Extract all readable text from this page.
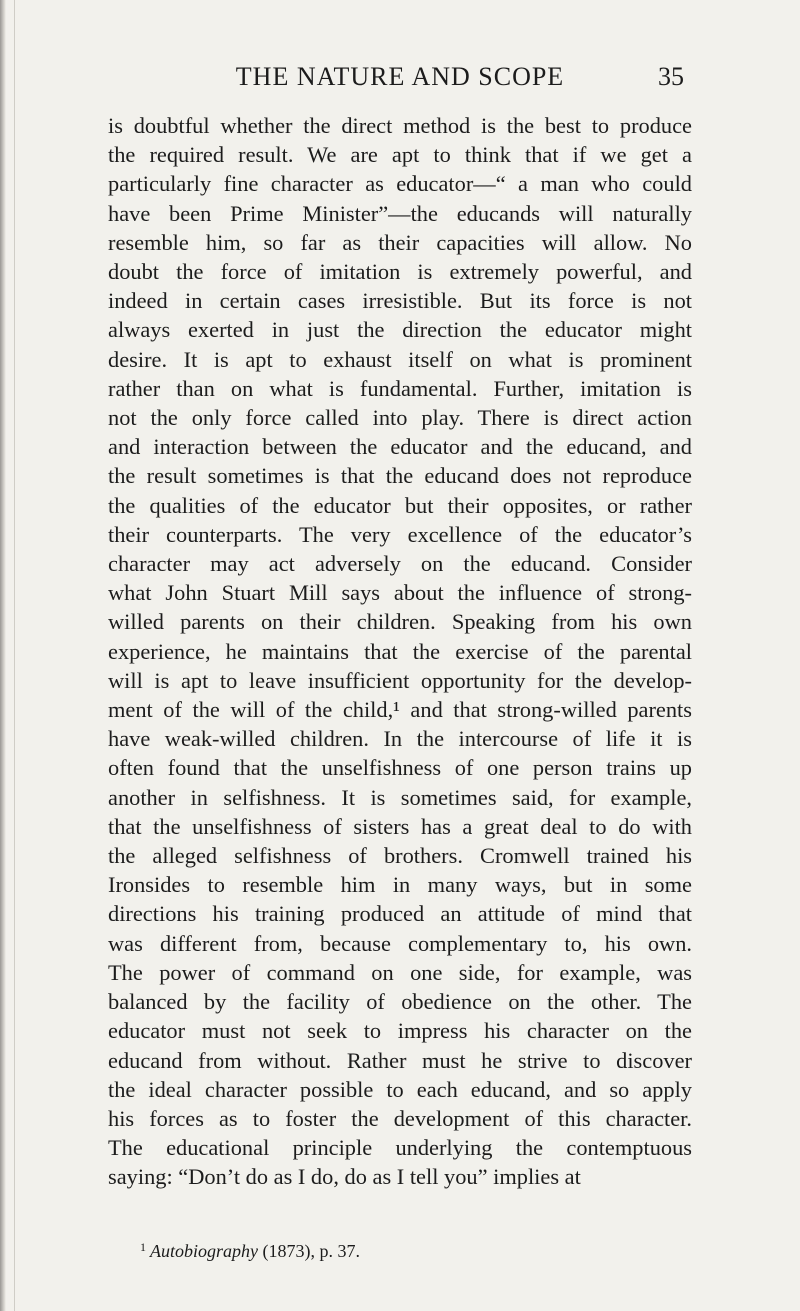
THE NATURE AND SCOPE	35
is doubtful whether the direct method is the best to produce
the required result. We are apt to think that if we get a
particularly fine character as educator—“ a man who could
have been Prime Minister”—the educands will naturally
resemble him, so far as their capacities will allow. No
doubt the force of imitation is extremely powerful, and
indeed in certain cases irresistible. But its force is not
always exerted in just the direction the educator might
desire. It is apt to exhaust itself on what is prominent
rather than on what is fundamental. Further, imitation is
not the only force called into play. There is direct action
and interaction between the educator and the educand, and
the result sometimes is that the educand does not reproduce
the qualities of the educator but their opposites, or rather
their counterparts. The very excellence of the educator’s
character may act adversely on the educand. Consider
what John Stuart Mill says about the influence of strong-
willed parents on their children. Speaking from his own
experience, he maintains that the exercise of the parental
will is apt to leave insufficient opportunity for the develop-
ment of the will of the child,¹ and that strong-willed parents
have weak-willed children. In the intercourse of life it is
often found that the unselfishness of one person trains up
another in selfishness. It is sometimes said, for example,
that the unselfishness of sisters has a great deal to do with
the alleged selfishness of brothers. Cromwell trained his
Ironsides to resemble him in many ways, but in some
directions his training produced an attitude of mind that
was different from, because complementary to, his own.
The power of command on one side, for example, was
balanced by the facility of obedience on the other. The
educator must not seek to impress his character on the
educand from without. Rather must he strive to discover
the ideal character possible to each educand, and so apply
his forces as to foster the development of this character.
The educational principle underlying the contemptuous
saying: “Don’t do as I do, do as I tell you” implies at
$^1$ Autobiography (1873), p. 37.
